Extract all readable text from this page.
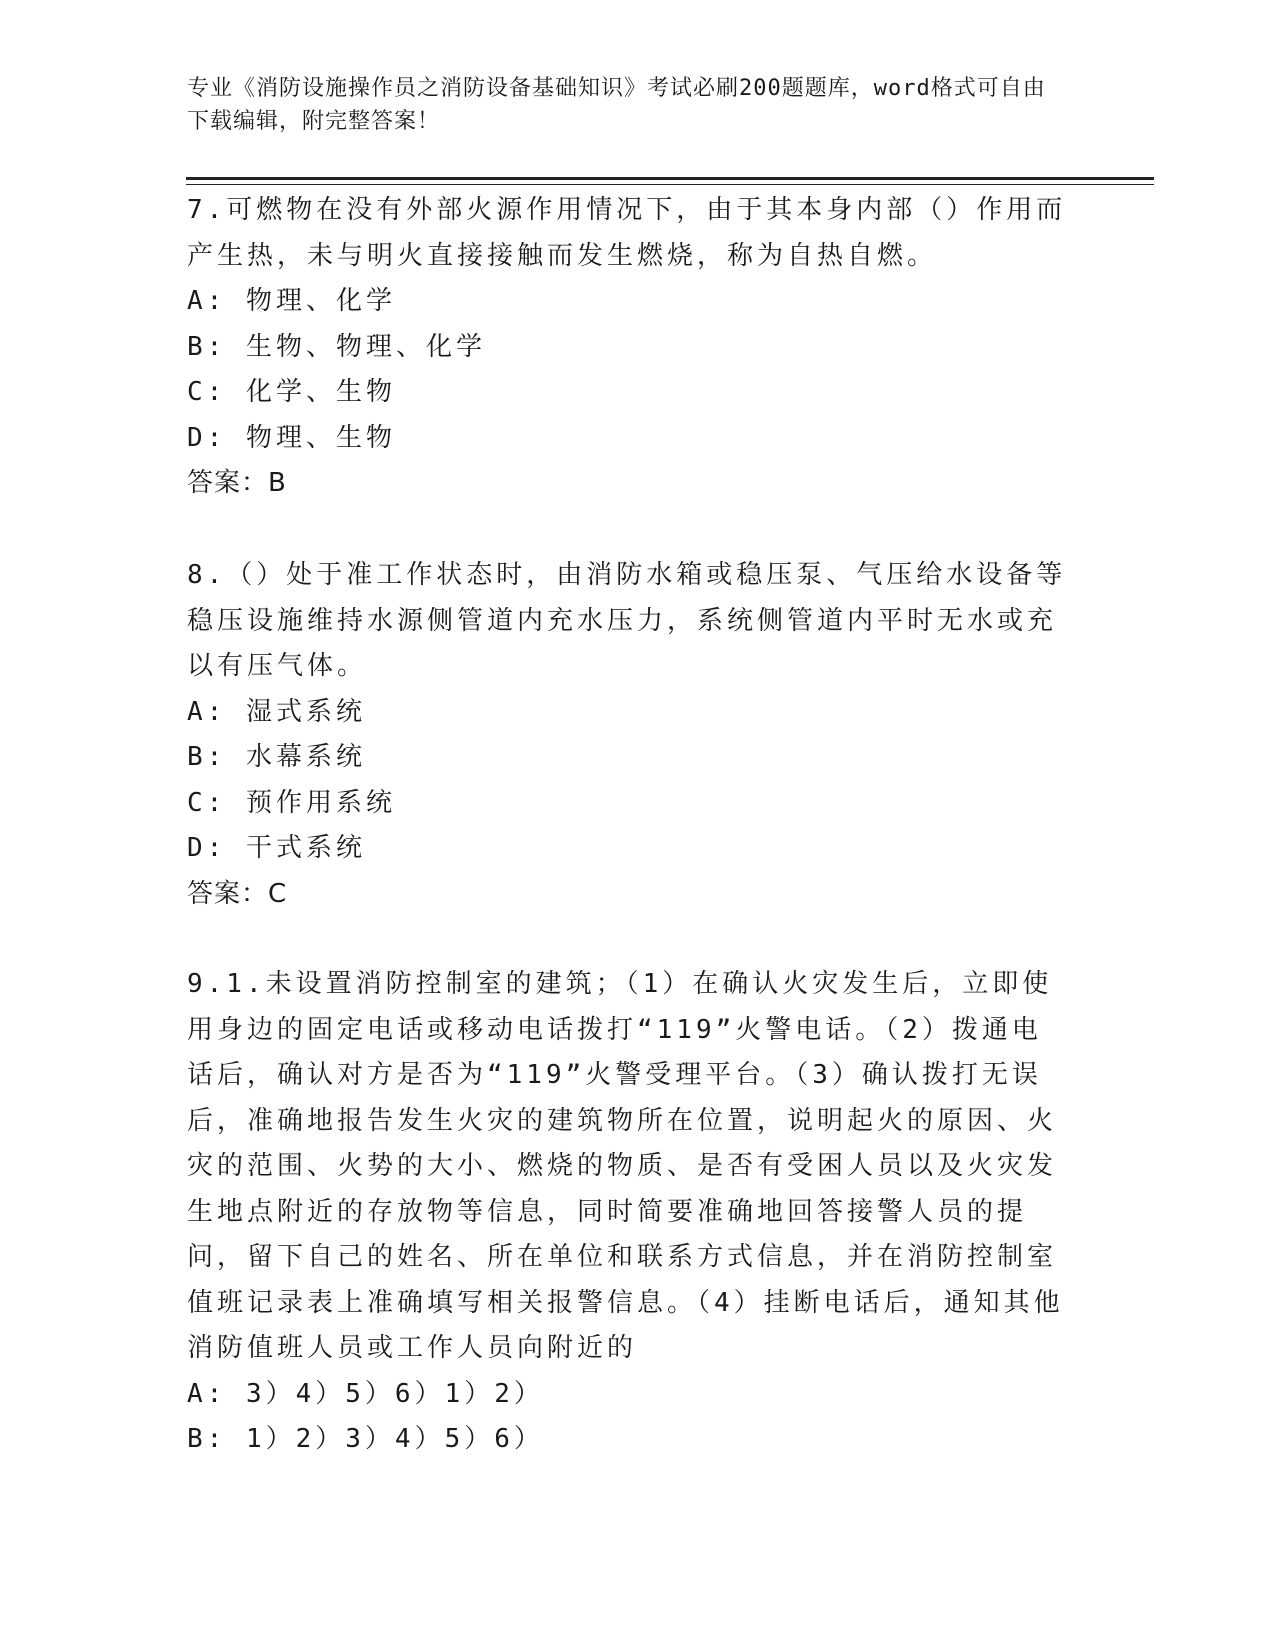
专业《消防设施操作员之消防设备基础知识》考试必刷200题题库，word格式可自由下载编辑，附完整答案！
7.可燃物在没有外部火源作用情况下，由于其本身内部（）作用而产生热，未与明火直接接触而发生燃烧，称为自热自燃。
A: 物理、化学
B: 生物、物理、化学
C: 化学、生物
D: 物理、生物
答案：B
8.（）处于准工作状态时，由消防水箱或稳压泵、气压给水设备等稳压设施维持水源侧管道内充水压力，系统侧管道内平时无水或充以有压气体。
A: 湿式系统
B: 水幕系统
C: 预作用系统
D: 干式系统
答案：C
9.1.未设置消防控制室的建筑；（1）在确认火灾发生后，立即使用身边的固定电话或移动电话拨打“119”火警电话。（2）拨通电话后，确认对方是否为“119”火警受理平台。（3）确认拨打无误后，准确地报告发生火灾的建筑物所在位置，说明起火的原因、火灾的范围、火势的大小、燃烧的物质、是否有受困人员以及火灾发生地点附近的存放物等信息，同时简要准确地回答接警人员的提问，留下自己的姓名、所在单位和联系方式信息，并在消防控制室值班记录表上准确填写相关报警信息。（4）挂断电话后，通知其他消防值班人员或工作人员向附近的
A: 3）4）5）6）1）2）
B: 1）2）3）4）5）6）
